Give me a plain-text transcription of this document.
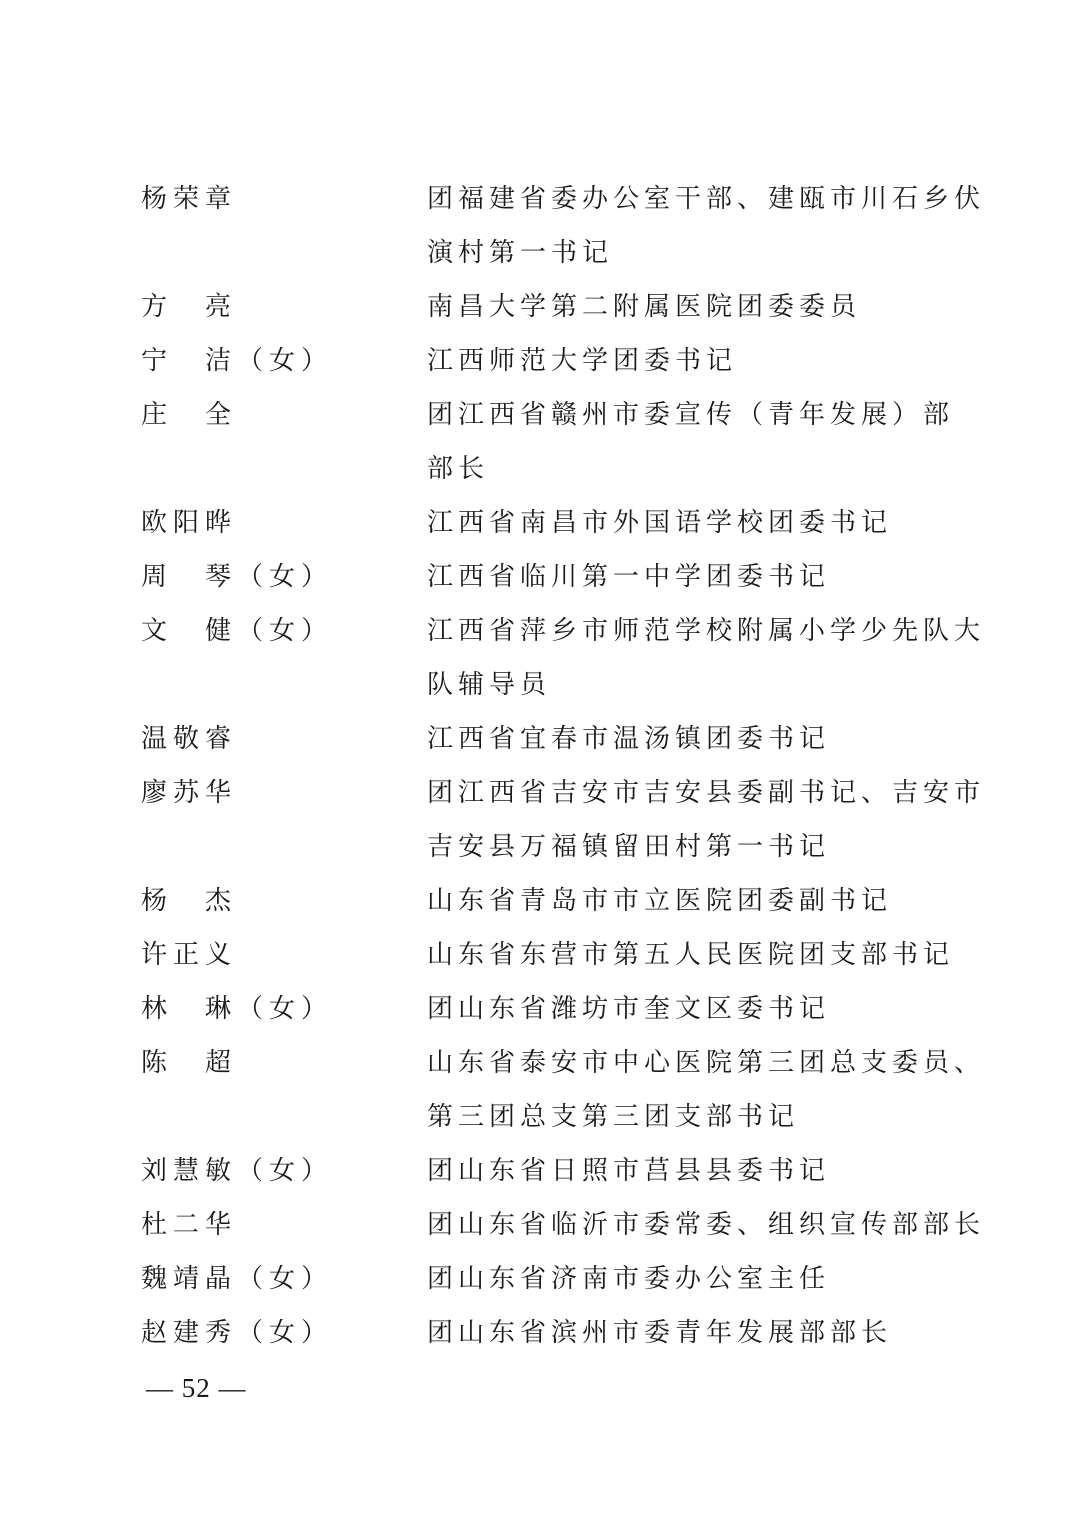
杨荣章	团福建省委办公室干部、建瓯市川石乡伏
演村第一书记
方　亮	南昌大学第二附属医院团委委员
宁　洁（女）	江西师范大学团委书记
庄　全	团江西省赣州市委宣传（青年发展）部
部长
欧阳晔	江西省南昌市外国语学校团委书记
周　琴（女）	江西省临川第一中学团委书记
文　健（女）	江西省萍乡市师范学校附属小学少先队大
队辅导员
温敬睿	江西省宜春市温汤镇团委书记
廖苏华	团江西省吉安市吉安县委副书记、吉安市
吉安县万福镇留田村第一书记
杨　杰	山东省青岛市市立医院团委副书记
许正义	山东省东营市第五人民医院团支部书记
林　琳（女）	团山东省潍坊市奎文区委书记
陈　超	山东省泰安市中心医院第三团总支委员、
第三团总支第三团支部书记
刘慧敏（女）	团山东省日照市莒县县委书记
杜二华	团山东省临沂市委常委、组织宣传部部长
魏靖晶（女）	团山东省济南市委办公室主任
赵建秀（女）	团山东省滨州市委青年发展部部长
— 52 —
